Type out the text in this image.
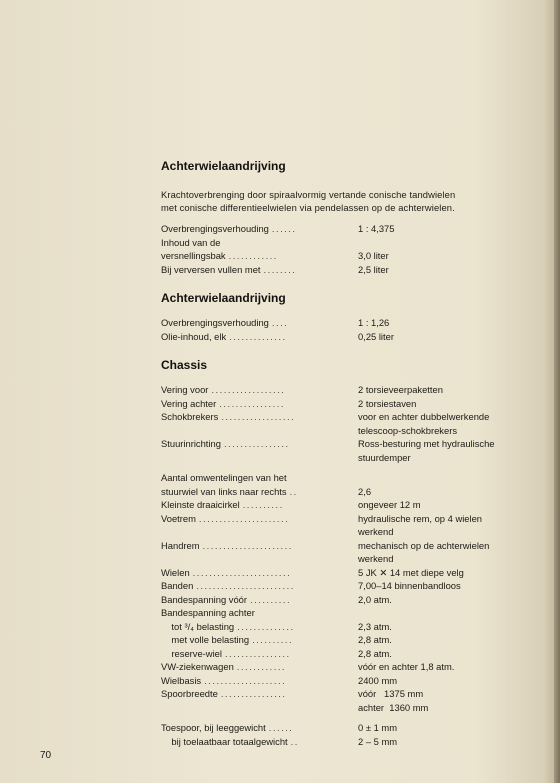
Achterwielaandrijving

Krachtoverbrenging door spiraalvormig vertande conische tandwielen

met conische differentieelwielen via pendelassen op de achterwielen.

Overbrengingsverhouding ......	1 : 4,375
Inhoud van de
versnellingsbak ............	3,0 liter
Bij verversen vullen met ........	2,5 liter
Achterwielaandrijving
Overbrengingsverhouding ....	1 : 1,26
Olie-inhoud, elk ..............	0,25 liter
Chassis
Vering voor ..................	2 torsieveerpaketten
Vering achter ................	2 torsiestaven
Schokbrekers ..................	voor en achter dubbelwerkende
telescoop-schokbrekers
Stuurinrichting ................	Ross-besturing met hydraulische
stuurdemper
Aantal omwentelingen van het
stuurwiel van links naar rechts ..	2,6
Kleinste draaicirkel ..........	ongeveer 12 m
Voetrem ......................	hydraulische rem, op 4 wielen
werkend
Handrem ......................	mechanisch op de achterwielen
werkend
Wielen ........................	5 JK ✕ 14 met diepe velg
Banden ........................	7,00–14 binnenbandloos
Bandespanning vóór ..........	2,0 atm.
Bandespanning achter
tot ³/₄ belasting ..............	2,3 atm.
met volle belasting ..........	2,8 atm.
reserve-wiel ................	2,8 atm.
VW-ziekenwagen ............	vóór en achter 1,8 atm.
Wielbasis ....................	2400 mm
Spoorbreedte ................	vóór   1375 mm
achter  1360 mm
Toespoor, bij leeggewicht ......	0 ± 1 mm
bij toelaatbaar totaalgewicht ..	2 – 5 mm
70
